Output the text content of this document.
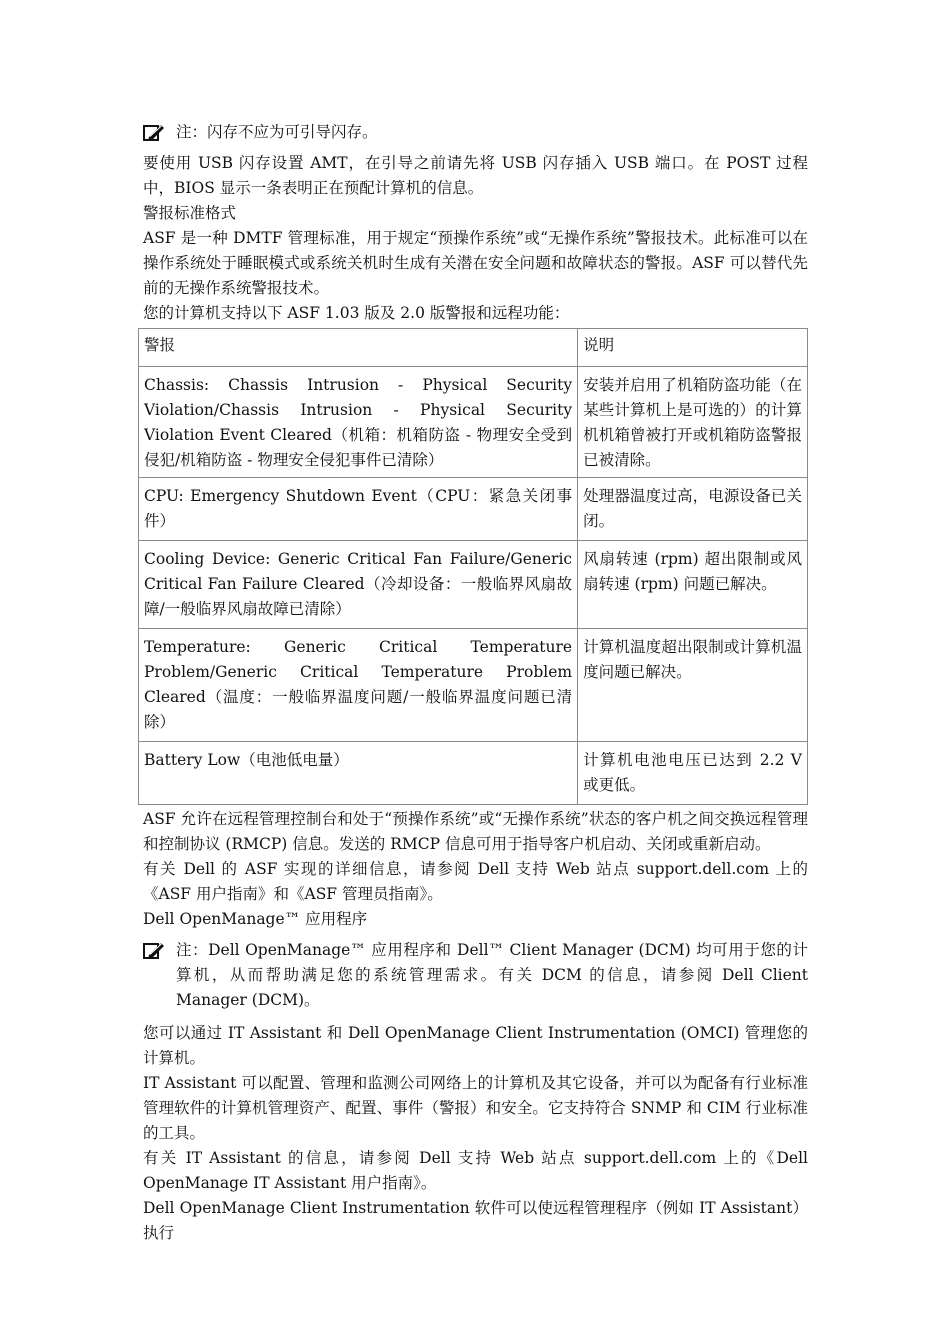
注：闪存不应为可引导闪存。

要使用 USB 闪存设置 AMT，在引导之前请先将 USB 闪存插入 USB 端口。在 POST 过程中，BIOS 显示一条表明正在预配计算机的信息。

警报标准格式

ASF 是一种 DMTF 管理标准，用于规定“预操作系统”或“无操作系统”警报技术。此标准可以在操作系统处于睡眠模式或系统关机时生成有关潜在安全问题和故障状态的警报。ASF 可以替代先前的无操作系统警报技术。

您的计算机支持以下 ASF 1.03 版及 2.0 版警报和远程功能：

警报	说明
Chassis: Chassis Intrusion - Physical Security Violation/Chassis Intrusion - Physical Security Violation Event Cleared（机箱：机箱防盗 - 物理安全受到侵犯/机箱防盗 - 物理安全侵犯事件已清除）	安装并启用了机箱防盗功能（在某些计算机上是可选的）的计算机机箱曾被打开或机箱防盗警报已被清除。
CPU: Emergency Shutdown Event（CPU：紧急关闭事件）	处理器温度过高，电源设备已关闭。
Cooling Device: Generic Critical Fan Failure/Generic Critical Fan Failure Cleared（冷却设备：一般临界风扇故障/一般临界风扇故障已清除）	风扇转速 (rpm) 超出限制或风扇转速 (rpm) 问题已解决。
Temperature: Generic Critical Temperature Problem/Generic Critical Temperature Problem Cleared（温度：一般临界温度问题/一般临界温度问题已清除）	计算机温度超出限制或计算机温度问题已解决。
Battery Low（电池低电量）	计算机电池电压已达到 2.2 V 或更低。

ASF 允许在远程管理控制台和处于“预操作系统”或“无操作系统”状态的客户机之间交换远程管理和控制协议 (RMCP) 信息。发送的 RMCP 信息可用于指导客户机启动、关闭或重新启动。

有关 Dell 的 ASF 实现的详细信息，请参阅 Dell 支持 Web 站点 support.dell.com 上的《ASF 用户指南》和《ASF 管理员指南》。

Dell OpenManage™ 应用程序

注：Dell OpenManage™ 应用程序和 Dell™ Client Manager (DCM) 均可用于您的计算机，从而帮助满足您的系统管理需求。有关 DCM 的信息，请参阅 Dell Client Manager (DCM)。

您可以通过 IT Assistant 和 Dell OpenManage Client Instrumentation (OMCI) 管理您的计算机。

IT Assistant 可以配置、管理和监测公司网络上的计算机及其它设备，并可以为配备有行业标准管理软件的计算机管理资产、配置、事件（警报）和安全。它支持符合 SNMP 和 CIM 行业标准的工具。

有关 IT Assistant 的信息，请参阅 Dell 支持 Web 站点 support.dell.com 上的《Dell OpenManage IT Assistant 用户指南》。

Dell OpenManage Client Instrumentation 软件可以使远程管理程序（例如 IT Assistant）执行
